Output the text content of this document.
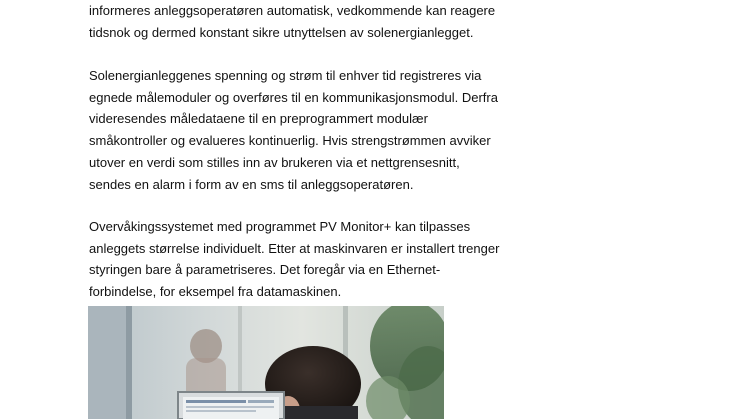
informeres anleggsoperatøren automatisk, vedkommende kan reagere
tidsnok og dermed konstant sikre utnyttelsen av solenergianlegget.

Solenergianleggenes spenning og strøm til enhver tid registreres via
egnede målemoduler og overføres til en kommunikasjonsmodul. Derfra
videresendes måledataene til en preprogrammert modulær
småkontroller og evalueres kontinuerlig. Hvis strengstrømmen avviker
utover en verdi som stilles inn av brukeren via et nettgrensesnitt,
sendes en alarm i form av en sms til anleggsoperatøren.

Overvåkingssystemet med programmet PV Monitor+ kan tilpasses
anleggets størrelse individuelt. Etter at maskinvaren er installert trenger
styringen bare å parametriseres. Det foregår via en Ethernet-
forbindelse, for eksempel fra datamaskinen.
